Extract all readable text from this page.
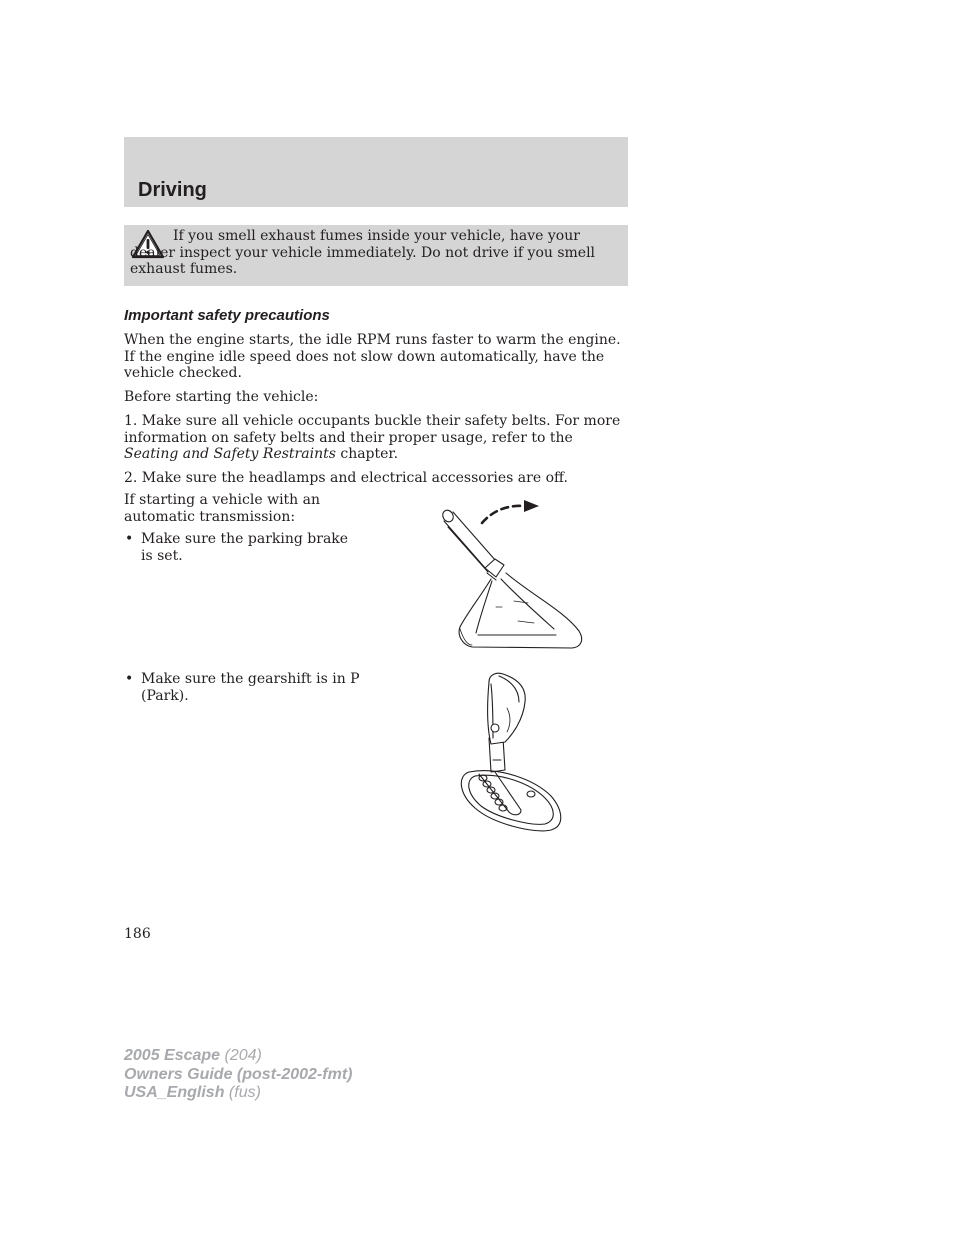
Driving

If you smell exhaust fumes inside your vehicle, have your dealer inspect your vehicle immediately. Do not drive if you smell exhaust fumes.

Important safety precautions

When the engine starts, the idle RPM runs faster to warm the engine. If the engine idle speed does not slow down automatically, have the vehicle checked.

Before starting the vehicle:

1. Make sure all vehicle occupants buckle their safety belts. For more information on safety belts and their proper usage, refer to the Seating and Safety Restraints chapter.

2. Make sure the headlamps and electrical accessories are off.

If starting a vehicle with an automatic transmission:

• Make sure the parking brake is set.

• Make sure the gearshift is in P (Park).

186

2005 Escape (204)
Owners Guide (post-2002-fmt)
USA_English (fus)
